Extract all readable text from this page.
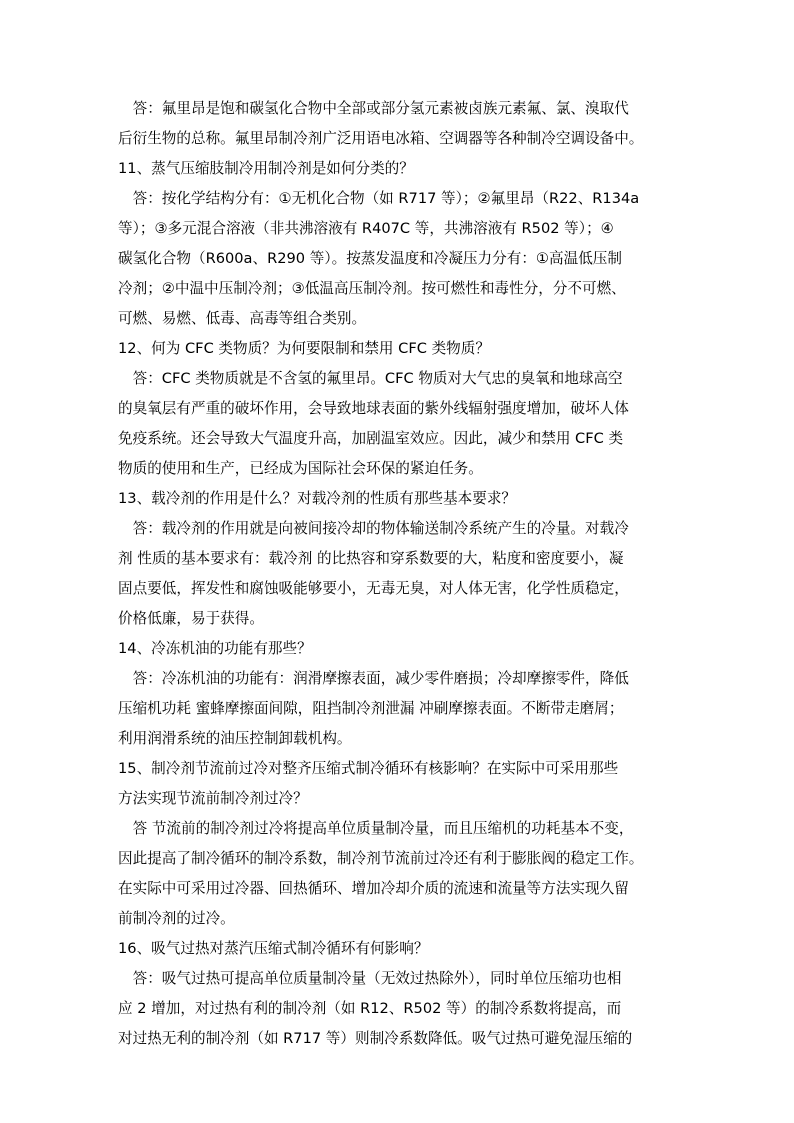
　答：氟里昂是饱和碳氢化合物中全部或部分氢元素被卤族元素氟、氯、溴取代
后衍生物的总称。氟里昂制冷剂广泛用语电冰箱、空调器等各种制冷空调设备中。
11、蒸气压缩肢制冷用制冷剂是如何分类的？
　答：按化学结构分有：①无机化合物（如 R717 等）；②氟里昂（R22、R134a
等）；③多元混合溶液（非共沸溶液有 R407C 等，共沸溶液有 R502 等）；④
碳氢化合物（R600a、R290 等）。按蒸发温度和冷凝压力分有：①高温低压制
冷剂；②中温中压制冷剂；③低温高压制冷剂。按可燃性和毒性分，分不可燃、
可燃、易燃、低毒、高毒等组合类别。
12、何为 CFC 类物质？为何要限制和禁用 CFC 类物质？
　答：CFC 类物质就是不含氢的氟里昂。CFC 物质对大气忠的臭氧和地球高空
的臭氧层有严重的破坏作用，会导致地球表面的紫外线辐射强度增加，破坏人体
免疫系统。还会导致大气温度升高，加剧温室效应。因此，减少和禁用 CFC 类
物质的使用和生产，已经成为国际社会环保的紧迫任务。
13、载冷剂的作用是什么？对载冷剂的性质有那些基本要求？
　答：载冷剂的作用就是向被间接冷却的物体输送制冷系统产生的冷量。对载冷
剂 性质的基本要求有：载冷剂 的比热容和穿系数要的大，粘度和密度要小，凝
固点要低，挥发性和腐蚀吸能够要小，无毒无臭，对人体无害，化学性质稳定，
价格低廉，易于获得。
14、冷冻机油的功能有那些？
　答：冷冻机油的功能有：润滑摩擦表面，减少零件磨损；冷却摩擦零件，降低
压缩机功耗 蜜蜂摩擦面间隙，阻挡制冷剂泄漏 冲刷摩擦表面。不断带走磨屑；
利用润滑系统的油压控制卸载机构。
15、制冷剂节流前过冷对整齐压缩式制冷循环有核影响？在实际中可采用那些
方法实现节流前制冷剂过冷？
　答 节流前的制冷剂过冷将提高单位质量制冷量，而且压缩机的功耗基本不变，
因此提高了制冷循环的制冷系数，制冷剂节流前过冷还有利于膨胀阀的稳定工作。
在实际中可采用过冷器、回热循环、增加冷却介质的流速和流量等方法实现久留
前制冷剂的过冷。
16、吸气过热对蒸汽压缩式制冷循环有何影响？
　答：吸气过热可提高单位质量制冷量（无效过热除外），同时单位压缩功也相
应 2 增加，对过热有利的制冷剂（如 R12、R502 等）的制冷系数将提高，而
对过热无利的制冷剂（如 R717 等）则制冷系数降低。吸气过热可避免湿压缩的
